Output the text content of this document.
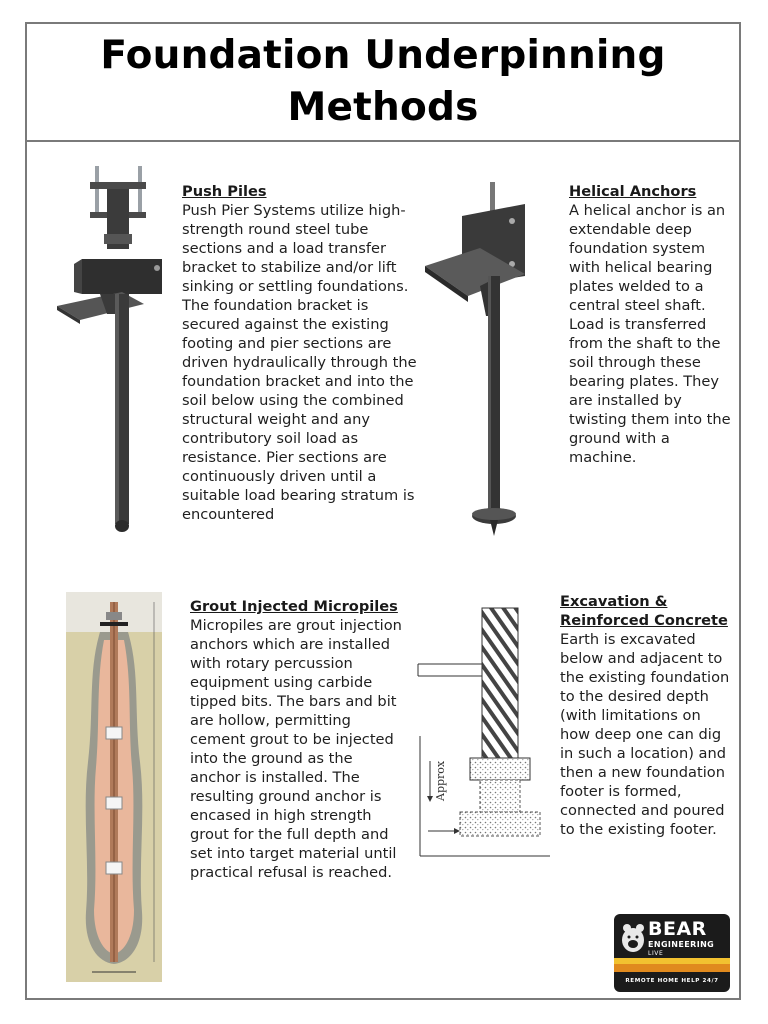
Foundation Underpinning Methods
Push Piles
Push Pier Systems utilize high-strength round steel tube sections and a load transfer bracket to stabilize and/or lift sinking or settling foundations. The foundation bracket is secured against the existing footing and pier sections are driven hydraulically through the foundation bracket and into the soil below using the combined structural weight and any contributory soil load as resistance. Pier sections are continuously driven until a suitable load bearing stratum is encountered
Helical Anchors
A helical anchor is an extendable deep foundation system with helical bearing plates welded to a central steel shaft. Load is transferred from the shaft to the soil through these bearing plates. They are installed by twisting them into the ground with a machine.
Grout Injected Micropiles
Micropiles are grout injection anchors which are installed with rotary percussion equipment using carbide tipped bits. The bars and bit are hollow, permitting cement grout to be injected into the ground as the anchor is installed. The resulting ground anchor is encased in high strength grout for the full depth and set into target material until practical refusal is reached.
Approx
Excavation & Reinforced Concrete
Earth is excavated below and adjacent to the existing foundation to the desired depth (with limitations on how deep one can dig in such a location) and then a new foundation footer is formed, connected and poured to the existing footer.
BEAR
ENGINEERING
LIVE
REMOTE HOME HELP 24/7
